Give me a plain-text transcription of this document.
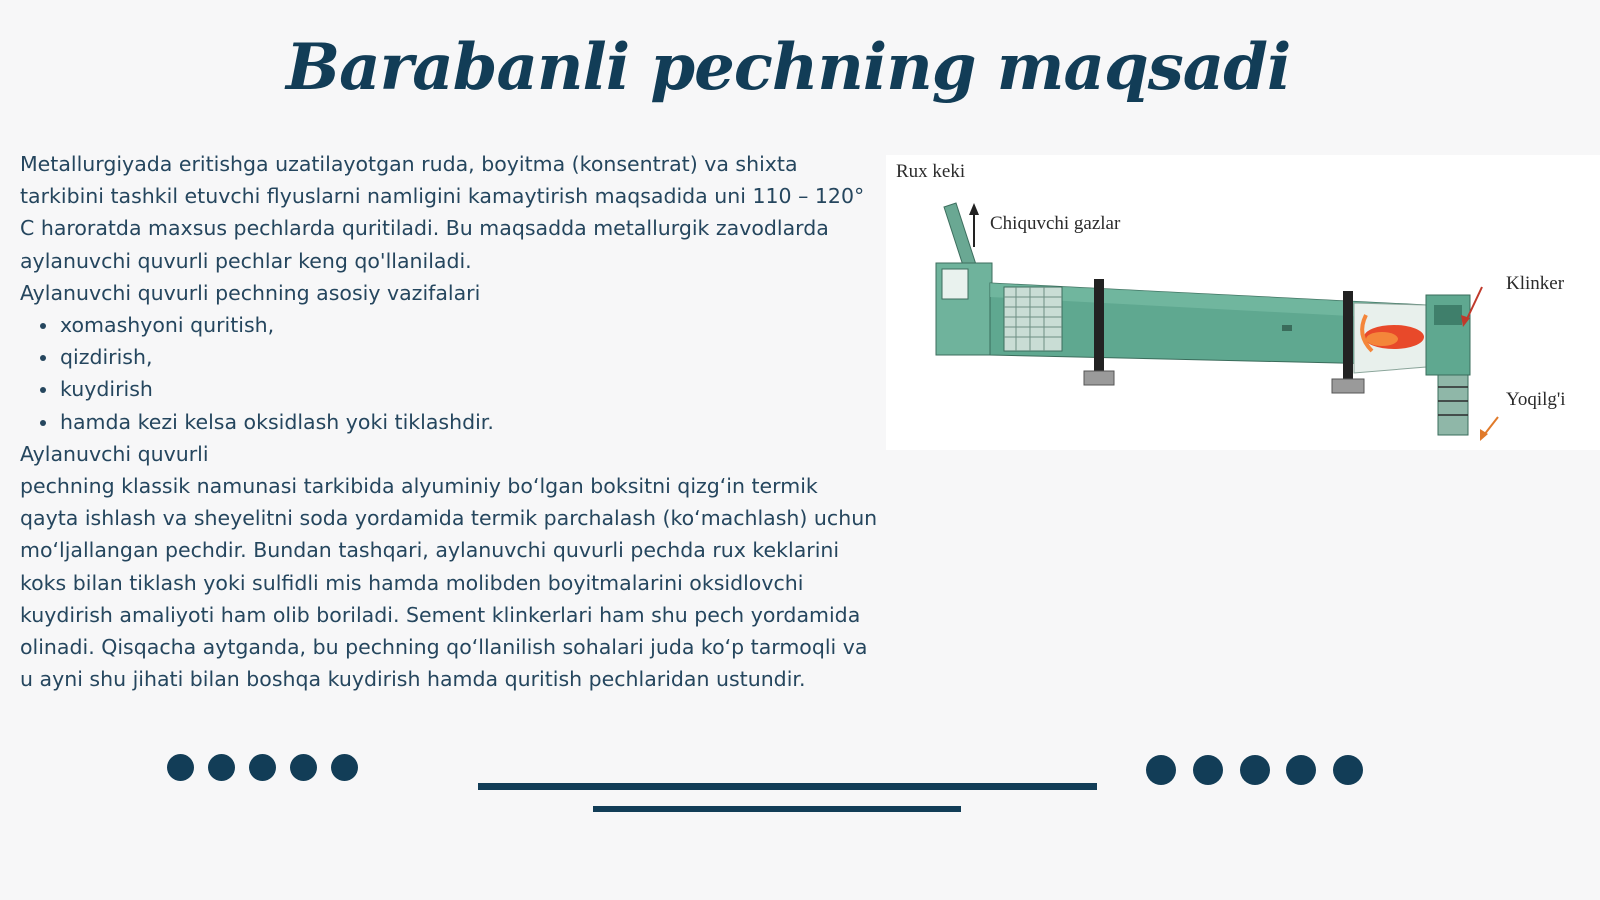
Barabanli pechning maqsadi

Metallurgiyada eritishga uzatilayotgan ruda, boyitma (konsentrat) va shixta

tarkibini tashkil etuvchi flyuslarni namligini kamaytirish maqsadida uni 110 – 120°

C haroratda maxsus pechlarda quritiladi. Bu maqsadda metallurgik zavodlarda

aylanuvchi quvurli pechlar keng qo'llaniladi.

Aylanuvchi quvurli pechning asosiy vazifalari

xomashyoni quritish,
qizdirish,
kuydirish
hamda kezi kelsa oksidlash yoki tiklashdir.

Aylanuvchi quvurli

pechning klassik namunasi tarkibida alyuminiy bo‘lgan boksitni qizg‘in termik

qayta ishlash va sheyelitni soda yordamida termik parchalash (ko‘machlash) uchun

mo‘ljallangan pechdir. Bundan tashqari, aylanuvchi quvurli pechda rux keklarini

koks bilan tiklash yoki sulfidli mis hamda molibden boyitmalarini oksidlovchi

kuydirish amaliyoti ham olib boriladi. Sement klinkerlari ham shu pech yordamida

olinadi. Qisqacha aytganda, bu pechning qo‘llanilish sohalari juda ko‘p tarmoqli va

u ayni shu jihati bilan boshqa kuydirish hamda quritish pechlaridan ustundir.

Rux keki
Chiquvchi gazlar
Klinker
Yoqilg'i
